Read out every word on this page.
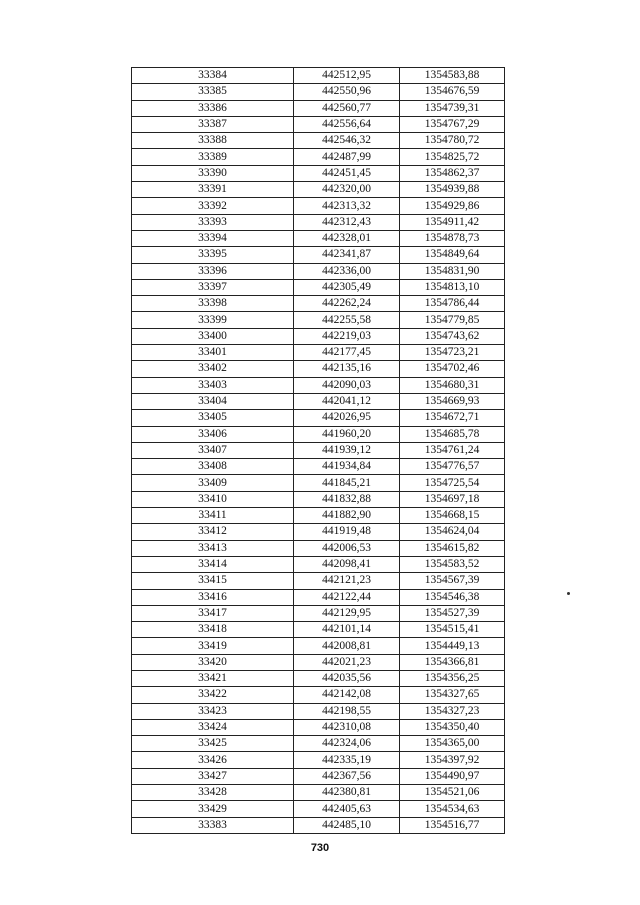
33384	442512,95	1354583,88
33385	442550,96	1354676,59
33386	442560,77	1354739,31
33387	442556,64	1354767,29
33388	442546,32	1354780,72
33389	442487,99	1354825,72
33390	442451,45	1354862,37
33391	442320,00	1354939,88
33392	442313,32	1354929,86
33393	442312,43	1354911,42
33394	442328,01	1354878,73
33395	442341,87	1354849,64
33396	442336,00	1354831,90
33397	442305,49	1354813,10
33398	442262,24	1354786,44
33399	442255,58	1354779,85
33400	442219,03	1354743,62
33401	442177,45	1354723,21
33402	442135,16	1354702,46
33403	442090,03	1354680,31
33404	442041,12	1354669,93
33405	442026,95	1354672,71
33406	441960,20	1354685,78
33407	441939,12	1354761,24
33408	441934,84	1354776,57
33409	441845,21	1354725,54
33410	441832,88	1354697,18
33411	441882,90	1354668,15
33412	441919,48	1354624,04
33413	442006,53	1354615,82
33414	442098,41	1354583,52
33415	442121,23	1354567,39
33416	442122,44	1354546,38
33417	442129,95	1354527,39
33418	442101,14	1354515,41
33419	442008,81	1354449,13
33420	442021,23	1354366,81
33421	442035,56	1354356,25
33422	442142,08	1354327,65
33423	442198,55	1354327,23
33424	442310,08	1354350,40
33425	442324,06	1354365,00
33426	442335,19	1354397,92
33427	442367,56	1354490,97
33428	442380,81	1354521,06
33429	442405,63	1354534,63
33383	442485,10	1354516,77
730
